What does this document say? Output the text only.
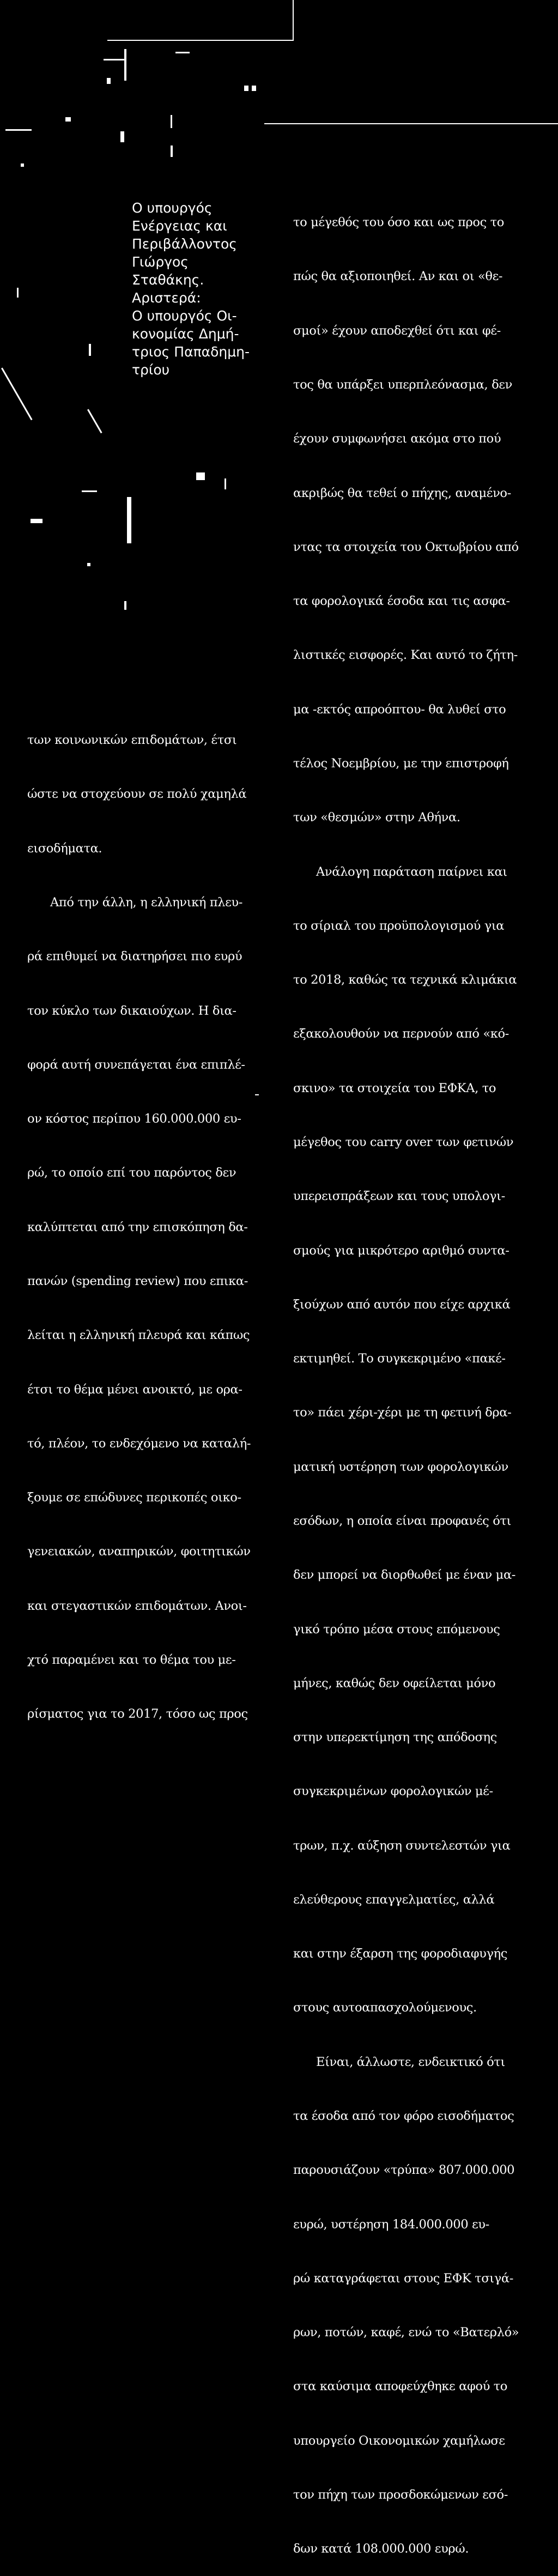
Ο υπουργός
Ενέργειας και
Περιβάλλοντος
Γιώργος
Σταθάκης.

Αριστερά:
Ο υπουργός Οι-
κονομίας Δημή-
τριος Παπαδημη-
τρίου

των κοινωνικών επιδομάτων, έτσι

ώστε να στοχεύουν σε πολύ χαμηλά

εισοδήματα.

Από την άλλη, η ελληνική πλευ-

ρά επιθυμεί να διατηρήσει πιο ευρύ

τον κύκλο των δικαιούχων. Η δια-

φορά αυτή συνεπάγεται ένα επιπλέ-

ον κόστος περίπου 160.000.000 ευ-

ρώ, το οποίο επί του παρόντος δεν

καλύπτεται από την επισκόπηση δα-

πανών (spending review) που επικα-

λείται η ελληνική πλευρά και κάπως

έτσι το θέμα μένει ανοικτό, με ορα-

τό, πλέον, το ενδεχόμενο να καταλή-

ξουμε σε επώδυνες περικοπές οικο-

γενειακών, αναπηρικών, φοιτητικών

και στεγαστικών επιδομάτων. Ανοι-

χτό παραμένει και το θέμα του με-

ρίσματος για το 2017, τόσο ως προς

το μέγεθός του όσο και ως προς το

πώς θα αξιοποιηθεί. Αν και οι «θε-

σμοί» έχουν αποδεχθεί ότι και φέ-

τος θα υπάρξει υπερπλεόνασμα, δεν

έχουν συμφωνήσει ακόμα στο πού

ακριβώς θα τεθεί ο πήχης, αναμένο-

ντας τα στοιχεία του Οκτωβρίου από

τα φορολογικά έσοδα και τις ασφα-

λιστικές εισφορές. Και αυτό το ζήτη-

μα -εκτός απροόπτου- θα λυθεί στο

τέλος Νοεμβρίου, με την επιστροφή

των «θεσμών» στην Αθήνα.

Ανάλογη παράταση παίρνει και

το σίριαλ του προϋπολογισμού για

το 2018, καθώς τα τεχνικά κλιμάκια

εξακολουθούν να περνούν από «κό-

σκινο» τα στοιχεία του ΕΦΚΑ, το

μέγεθος του carry over των φετινών

υπερεισπράξεων και τους υπολογι-

σμούς για μικρότερο αριθμό συντα-

ξιούχων από αυτόν που είχε αρχικά

εκτιμηθεί. Το συγκεκριμένο «πακέ-

το» πάει χέρι-χέρι με τη φετινή δρα-

ματική υστέρηση των φορολογικών

εσόδων, η οποία είναι προφανές ότι

δεν μπορεί να διορθωθεί με έναν μα-

γικό τρόπο μέσα στους επόμενους

μήνες, καθώς δεν οφείλεται μόνο

στην υπερεκτίμηση της απόδοσης

συγκεκριμένων φορολογικών μέ-

τρων, π.χ. αύξηση συντελεστών για

ελεύθερους επαγγελματίες, αλλά

και στην έξαρση της φοροδιαφυγής

στους αυτοαπασχολούμενους.

Είναι, άλλωστε, ενδεικτικό ότι

τα έσοδα από τον φόρο εισοδήματος

παρουσιάζουν «τρύπα» 807.000.000

ευρώ, υστέρηση 184.000.000 ευ-

ρώ καταγράφεται στους ΕΦΚ τσιγά-

ρων, ποτών, καφέ, ενώ το «Βατερλό»

στα καύσιμα αποφεύχθηκε αφού το

υπουργείο Οικονομικών χαμήλωσε

τον πήχη των προσδοκώμενων εσό-

δων κατά 108.000.000 ευρώ.
